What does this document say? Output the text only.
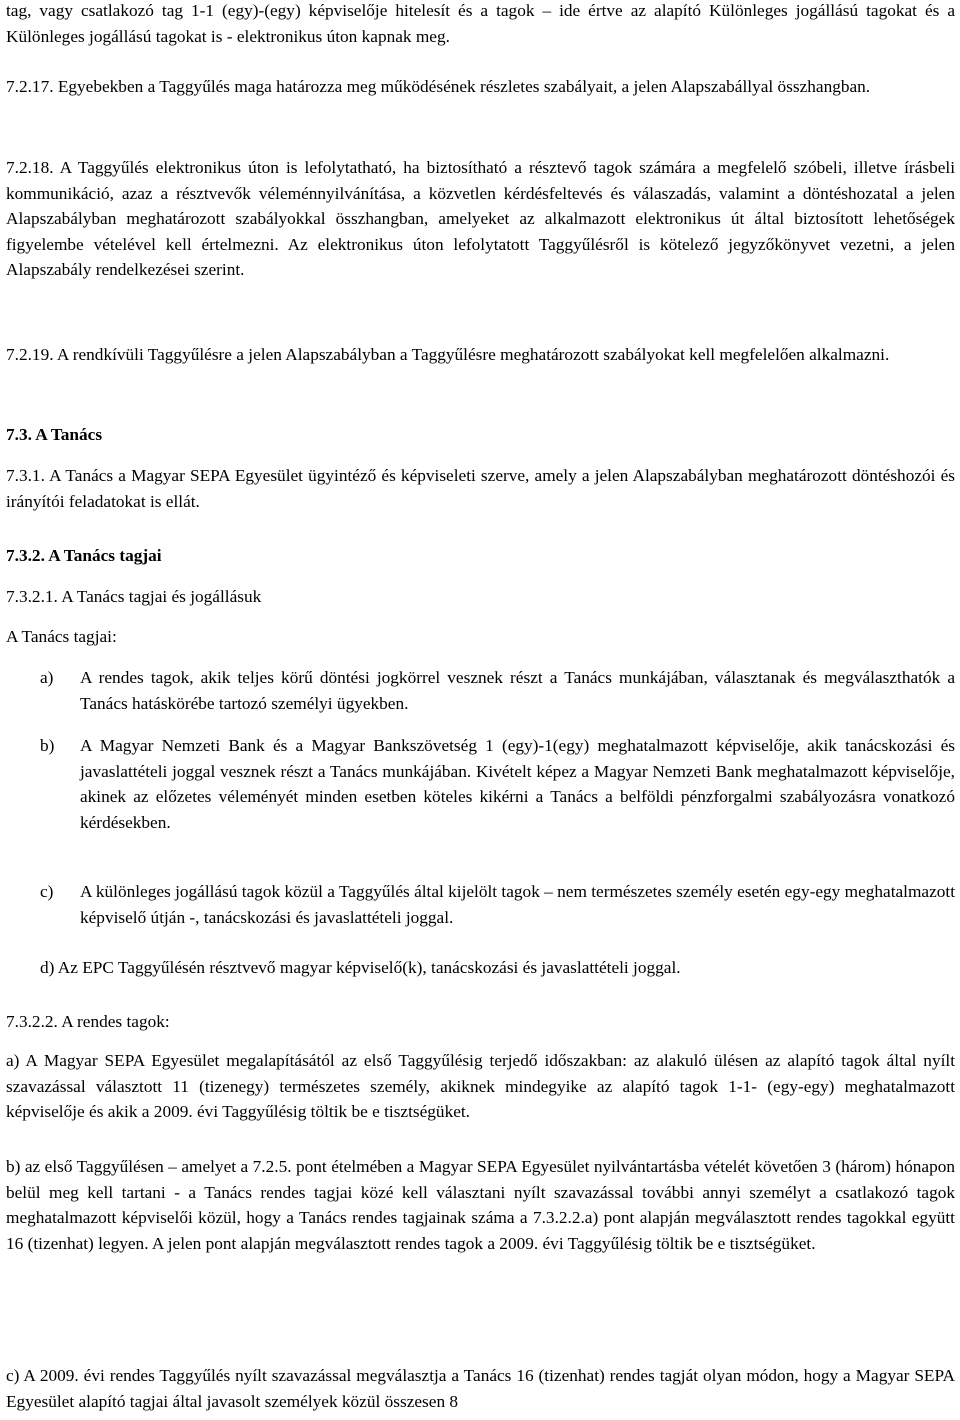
tag, vagy csatlakozó tag 1-1 (egy)-(egy) képviselője hitelesít és a tagok – ide értve az alapító Különleges jogállású tagokat és a Különleges jogállású tagokat is - elektronikus úton kapnak meg.

7.2.17. Egyebekben a Taggyűlés maga határozza meg működésének részletes szabályait, a jelen Alapszabállyal összhangban.

7.2.18. A Taggyűlés elektronikus úton is lefolytatható, ha biztosítható a résztevő tagok számára a megfelelő szóbeli, illetve írásbeli kommunikáció, azaz a résztvevők véleménnyilvánítása, a közvetlen kérdésfeltevés és válaszadás, valamint a döntéshozatal a jelen Alapszabályban meghatározott szabályokkal összhangban, amelyeket az alkalmazott elektronikus út által biztosított lehetőségek figyelembe vételével kell értelmezni. Az elektronikus úton lefolytatott Taggyűlésről is kötelező jegyzőkönyvet vezetni, a jelen Alapszabály rendelkezései szerint.

7.2.19. A rendkívüli Taggyűlésre a jelen Alapszabályban a Taggyűlésre meghatározott szabályokat kell megfelelően alkalmazni.

7.3. A Tanács

7.3.1. A Tanács a Magyar SEPA Egyesület ügyintéző és képviseleti szerve, amely a jelen Alapszabályban meghatározott döntéshozói és irányítói feladatokat is ellát.

7.3.2. A Tanács tagjai

7.3.2.1. A Tanács tagjai és jogállásuk

A Tanács tagjai:

a)	A rendes tagok, akik teljes körű döntési jogkörrel vesznek részt a Tanács munkájában, választanak és megválaszthatók a Tanács hatáskörébe tartozó személyi ügyekben.
b)	A Magyar Nemzeti Bank és a Magyar Bankszövetség 1 (egy)-1(egy) meghatalmazott képviselője, akik tanácskozási és javaslattételi joggal vesznek részt a Tanács munkájában. Kivételt képez a Magyar Nemzeti Bank meghatalmazott képviselője, akinek az előzetes véleményét minden esetben köteles kikérni a Tanács a belföldi pénzforgalmi szabályozásra vonatkozó kérdésekben.
c)	A különleges jogállású tagok közül a Taggyűlés által kijelölt tagok – nem természetes személy esetén egy-egy meghatalmazott képviselő útján -, tanácskozási és javaslattételi joggal.

d) Az EPC Taggyűlésén résztvevő magyar képviselő(k), tanácskozási és javaslattételi joggal.

7.3.2.2. A rendes tagok:

a) A Magyar SEPA Egyesület megalapításától az első Taggyűlésig terjedő időszakban: az alakuló ülésen az alapító tagok által nyílt szavazással választott 11 (tizenegy) természetes személy, akiknek mindegyike az alapító tagok 1-1- (egy-egy) meghatalmazott képviselője és akik a 2009. évi Taggyűlésig töltik be e tisztségüket.

b) az első Taggyűlésen – amelyet a 7.2.5. pont ételmében a Magyar SEPA Egyesület nyilvántartásba vételét követően 3 (három) hónapon belül meg kell tartani - a Tanács rendes tagjai közé kell választani nyílt szavazással további annyi személyt a csatlakozó tagok meghatalmazott képviselői közül, hogy a Tanács rendes tagjainak száma a 7.3.2.2.a) pont alapján megválasztott rendes tagokkal együtt 16 (tizenhat) legyen. A jelen pont alapján megválasztott rendes tagok a 2009. évi Taggyűlésig töltik be e tisztségüket.

c) A 2009. évi rendes Taggyűlés nyílt szavazással megválasztja a Tanács 16 (tizenhat) rendes tagját olyan módon, hogy a Magyar SEPA Egyesület alapító tagjai által javasolt személyek közül összesen 8
